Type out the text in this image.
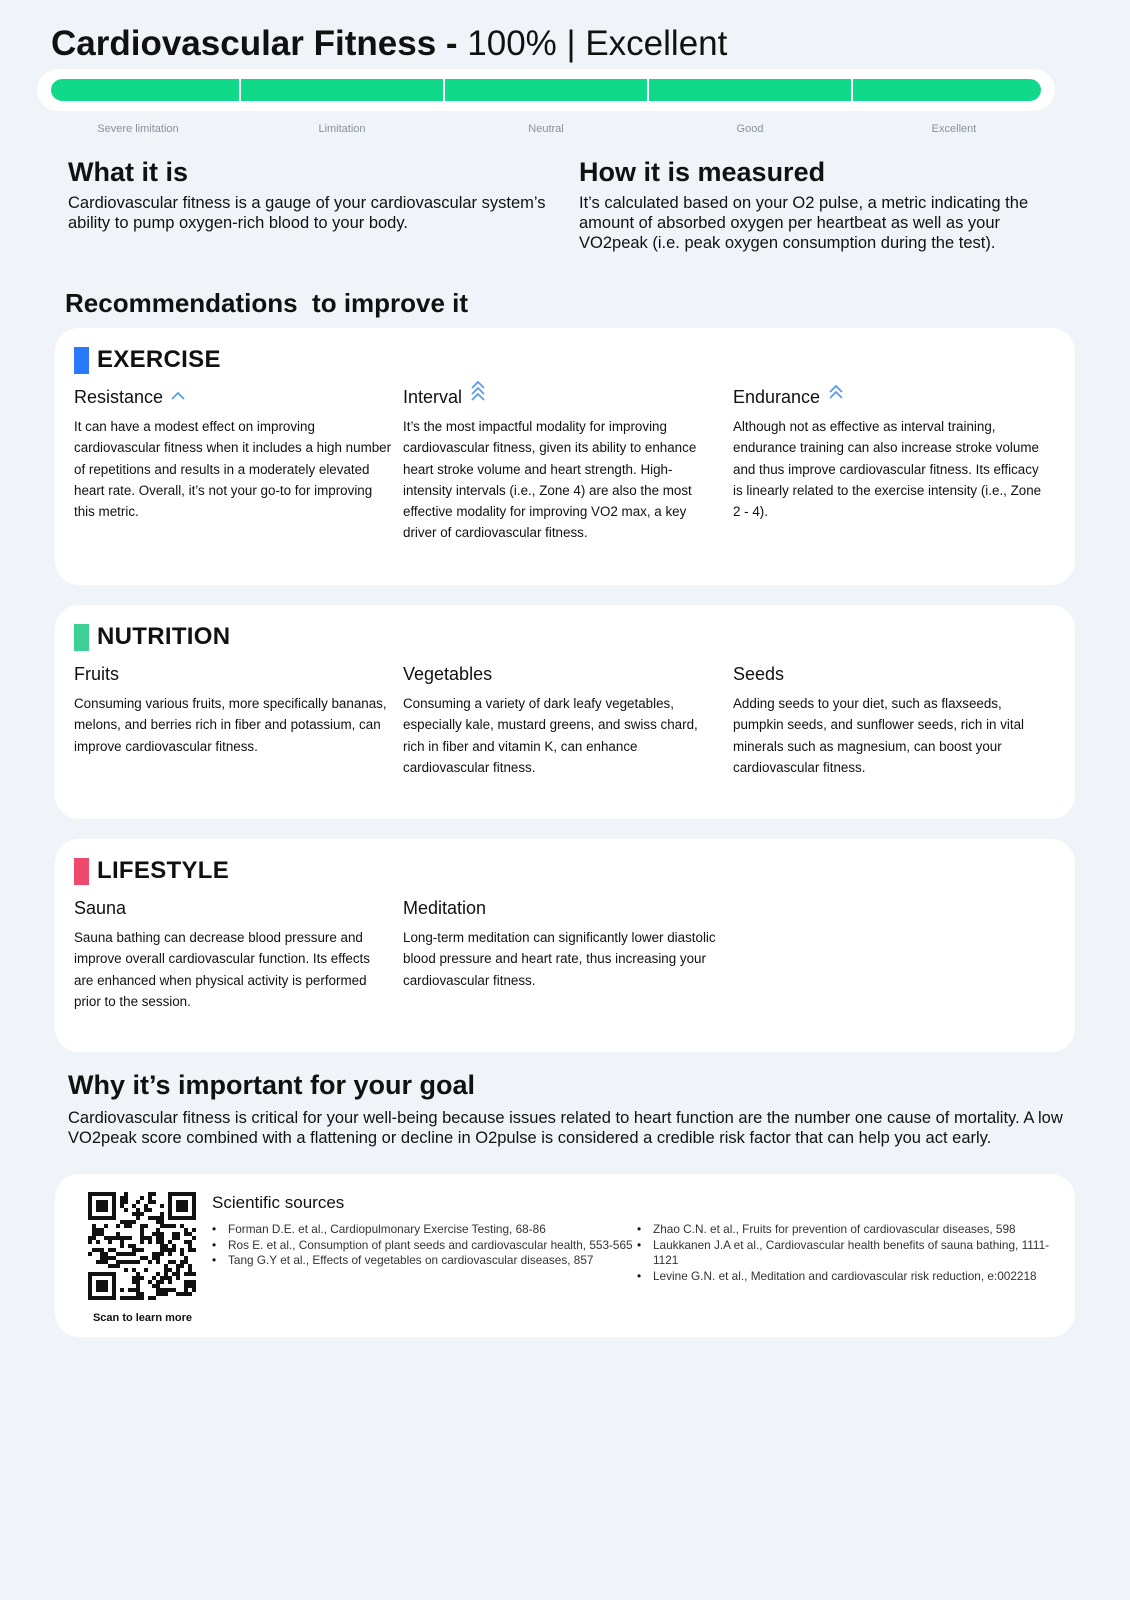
Cardiovascular Fitness - 100% | Excellent
Severe limitation	Limitation	Neutral	Good	Excellent
What it is

Cardiovascular fitness is a gauge of your cardiovascular system’s ability to pump oxygen-rich blood to your body.

How it is measured

It’s calculated based on your O2 pulse, a metric indicating the amount of absorbed oxygen per heartbeat as well as your VO2peak (i.e. peak oxygen consumption during the test).

Recommendations  to improve it
EXERCISE
Resistance

It can have a modest effect on improving cardiovascular fitness when it includes a high number of repetitions and results in a moderately elevated heart rate. Overall, it’s not your go-to for improving this metric.

Interval

It’s the most impactful modality for improving cardiovascular fitness, given its ability to enhance heart stroke volume and heart strength. High-intensity intervals (i.e., Zone 4) are also the most effective modality for improving VO2 max, a key driver of cardiovascular fitness.

Endurance

Although not as effective as interval training, endurance training can also increase stroke volume and thus improve cardiovascular fitness. Its efficacy is linearly related to the exercise intensity (i.e., Zone 2 - 4).

NUTRITION
Fruits

Consuming various fruits, more specifically bananas, melons, and berries rich in fiber and potassium, can improve cardiovascular fitness.

Vegetables

Consuming a variety of dark leafy vegetables, especially kale, mustard greens, and swiss chard, rich in fiber and vitamin K, can enhance cardiovascular fitness.

Seeds

Adding seeds to your diet, such as flaxseeds, pumpkin seeds, and sunflower seeds, rich in vital minerals such as magnesium, can boost your cardiovascular fitness.

LIFESTYLE
Sauna

Sauna bathing can decrease blood pressure and improve overall cardiovascular function. Its effects are enhanced when physical activity is performed prior to the session.

Meditation

Long-term meditation can significantly lower diastolic blood pressure and heart rate, thus increasing your cardiovascular fitness.

Why it’s important for your goal

Cardiovascular fitness is critical for your well-being because issues related to heart function are the number one cause of mortality. A low VO2peak score combined with a flattening or decline in O2pulse is considered a credible risk factor that can help you act early.

Scan to learn more
Scientific sources
• Forman D.E. et al., Cardiopulmonary Exercise Testing, 68-86
• Ros E. et al., Consumption of plant seeds and cardiovascular health, 553-565
• Tang G.Y et al., Effects of vegetables on cardiovascular diseases, 857
• Zhao C.N. et al., Fruits for prevention of cardiovascular diseases, 598
• Laukkanen J.A et al., Cardiovascular health benefits of sauna bathing, 1111-1121
• Levine G.N. et al., Meditation and cardiovascular risk reduction, e:002218
